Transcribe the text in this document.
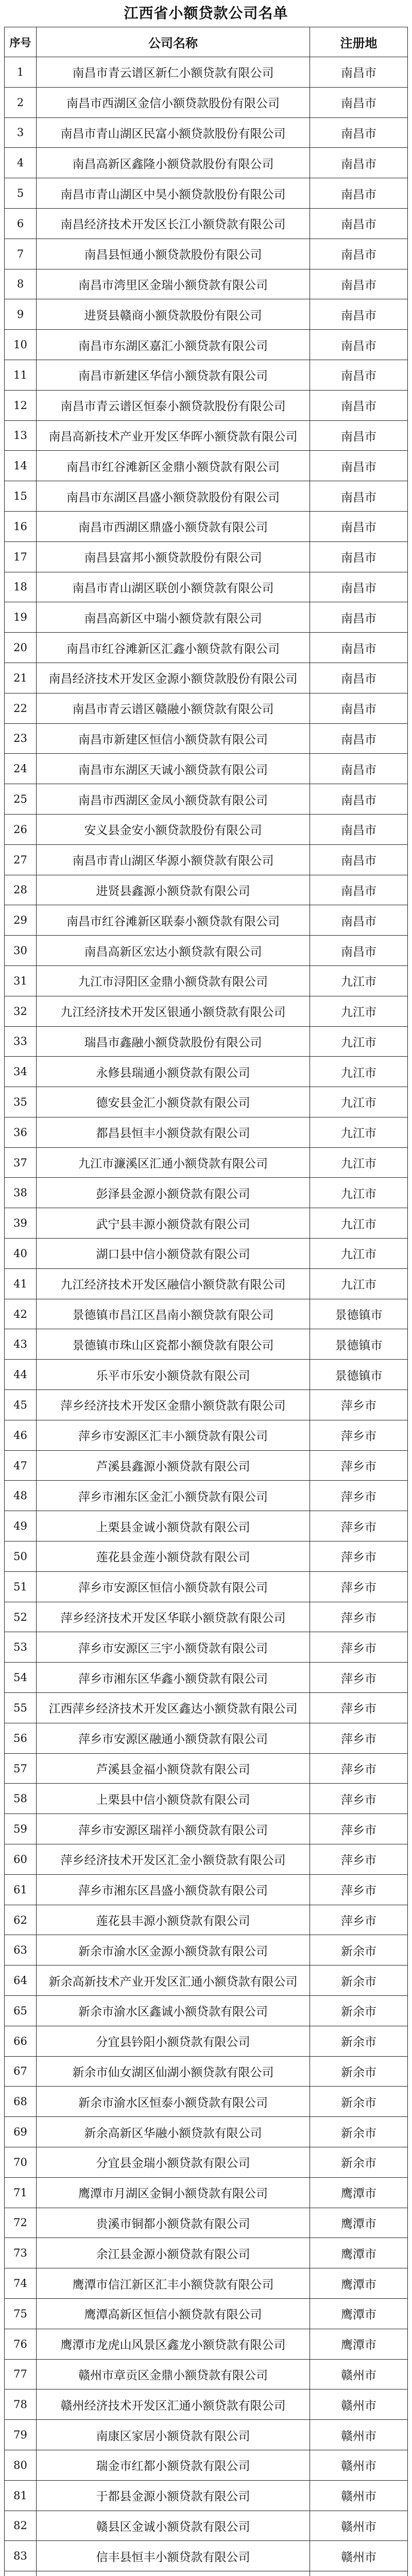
江西省小额贷款公司名单
序号	公司名称	注册地
1	南昌市青云谱区新仁小额贷款有限公司	南昌市
2	南昌市西湖区金信小额贷款股份有限公司	南昌市
3	南昌市青山湖区民富小额贷款股份有限公司	南昌市
4	南昌高新区鑫隆小额贷款股份有限公司	南昌市
5	南昌市青山湖区中昊小额贷款股份有限公司	南昌市
6	南昌经济技术开发区长江小额贷款有限公司	南昌市
7	南昌县恒通小额贷款股份有限公司	南昌市
8	南昌市湾里区金瑞小额贷款有限公司	南昌市
9	进贤县赣商小额贷款股份有限公司	南昌市
10	南昌市东湖区嘉汇小额贷款有限公司	南昌市
11	南昌市新建区华信小额贷款有限公司	南昌市
12	南昌市青云谱区恒泰小额贷款股份有限公司	南昌市
13	南昌高新技术产业开发区华晖小额贷款有限公司	南昌市
14	南昌市红谷滩新区金鼎小额贷款有限公司	南昌市
15	南昌市东湖区昌盛小额贷款股份有限公司	南昌市
16	南昌市西湖区鼎盛小额贷款有限公司	南昌市
17	南昌县富邦小额贷款股份有限公司	南昌市
18	南昌市青山湖区联创小额贷款有限公司	南昌市
19	南昌高新区中瑞小额贷款有限公司	南昌市
20	南昌市红谷滩新区汇鑫小额贷款有限公司	南昌市
21	南昌经济技术开发区金源小额贷款股份有限公司	南昌市
22	南昌市青云谱区赣融小额贷款有限公司	南昌市
23	南昌市新建区恒信小额贷款有限公司	南昌市
24	南昌市东湖区天诚小额贷款有限公司	南昌市
25	南昌市西湖区金凤小额贷款有限公司	南昌市
26	安义县金安小额贷款股份有限公司	南昌市
27	南昌市青山湖区华源小额贷款有限公司	南昌市
28	进贤县鑫源小额贷款有限公司	南昌市
29	南昌市红谷滩新区联泰小额贷款有限公司	南昌市
30	南昌高新区宏达小额贷款有限公司	南昌市
31	九江市浔阳区金鼎小额贷款有限公司	九江市
32	九江经济技术开发区银通小额贷款有限公司	九江市
33	瑞昌市鑫融小额贷款股份有限公司	九江市
34	永修县瑞通小额贷款有限公司	九江市
35	德安县金汇小额贷款有限公司	九江市
36	都昌县恒丰小额贷款有限公司	九江市
37	九江市濂溪区汇通小额贷款有限公司	九江市
38	彭泽县金源小额贷款有限公司	九江市
39	武宁县丰源小额贷款有限公司	九江市
40	湖口县中信小额贷款有限公司	九江市
41	九江经济技术开发区融信小额贷款有限公司	九江市
42	景德镇市昌江区昌南小额贷款有限公司	景德镇市
43	景德镇市珠山区瓷都小额贷款有限公司	景德镇市
44	乐平市乐安小额贷款有限公司	景德镇市
45	萍乡经济技术开发区金鼎小额贷款有限公司	萍乡市
46	萍乡市安源区汇丰小额贷款有限公司	萍乡市
47	芦溪县鑫源小额贷款有限公司	萍乡市
48	萍乡市湘东区金汇小额贷款有限公司	萍乡市
49	上栗县金诚小额贷款有限公司	萍乡市
50	莲花县金莲小额贷款有限公司	萍乡市
51	萍乡市安源区恒信小额贷款有限公司	萍乡市
52	萍乡经济技术开发区华联小额贷款有限公司	萍乡市
53	萍乡市安源区三宇小额贷款有限公司	萍乡市
54	萍乡市湘东区华鑫小额贷款有限公司	萍乡市
55	江西萍乡经济技术开发区鑫达小额贷款有限公司	萍乡市
56	萍乡市安源区融通小额贷款有限公司	萍乡市
57	芦溪县金福小额贷款有限公司	萍乡市
58	上栗县中信小额贷款有限公司	萍乡市
59	萍乡市安源区瑞祥小额贷款有限公司	萍乡市
60	萍乡经济技术开发区汇金小额贷款有限公司	萍乡市
61	萍乡市湘东区昌盛小额贷款有限公司	萍乡市
62	莲花县丰源小额贷款有限公司	萍乡市
63	新余市渝水区金源小额贷款有限公司	新余市
64	新余高新技术产业开发区汇通小额贷款有限公司	新余市
65	新余市渝水区鑫诚小额贷款有限公司	新余市
66	分宜县钤阳小额贷款有限公司	新余市
67	新余市仙女湖区仙湖小额贷款有限公司	新余市
68	新余市渝水区恒泰小额贷款有限公司	新余市
69	新余高新区华融小额贷款有限公司	新余市
70	分宜县金瑞小额贷款有限公司	新余市
71	鹰潭市月湖区金铜小额贷款有限公司	鹰潭市
72	贵溪市铜都小额贷款有限公司	鹰潭市
73	余江县金源小额贷款有限公司	鹰潭市
74	鹰潭市信江新区汇丰小额贷款有限公司	鹰潭市
75	鹰潭高新区恒信小额贷款有限公司	鹰潭市
76	鹰潭市龙虎山风景区鑫龙小额贷款有限公司	鹰潭市
77	赣州市章贡区金鼎小额贷款有限公司	赣州市
78	赣州经济技术开发区汇通小额贷款有限公司	赣州市
79	南康区家居小额贷款有限公司	赣州市
80	瑞金市红都小额贷款有限公司	赣州市
81	于都县金源小额贷款有限公司	赣州市
82	赣县区金诚小额贷款有限公司	赣州市
83	信丰县恒丰小额贷款有限公司	赣州市
